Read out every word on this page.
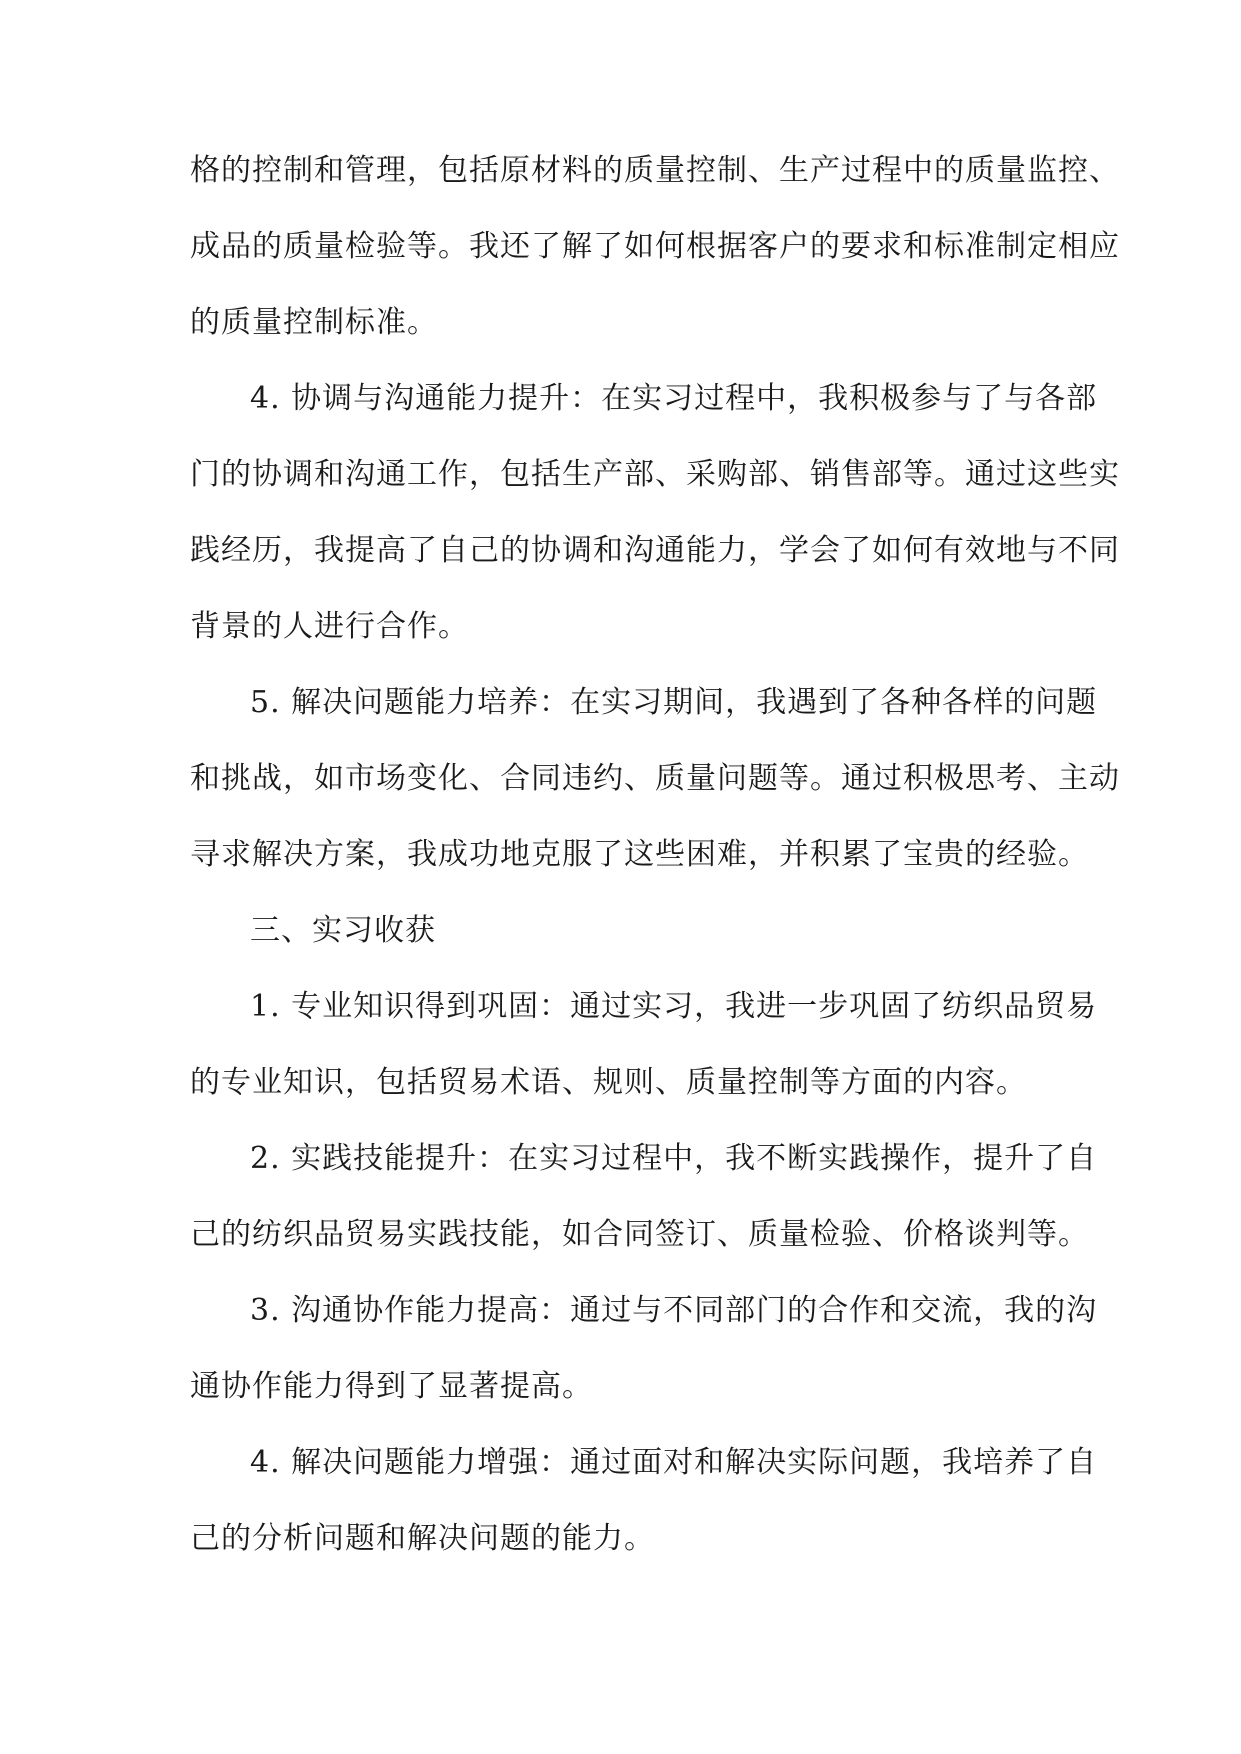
格的控制和管理，包括原材料的质量控制、生产过程中的质量监控、
成品的质量检验等。我还了解了如何根据客户的要求和标准制定相应
的质量控制标准。
4. 协调与沟通能力提升：在实习过程中，我积极参与了与各部
门的协调和沟通工作，包括生产部、采购部、销售部等。通过这些实
践经历，我提高了自己的协调和沟通能力，学会了如何有效地与不同
背景的人进行合作。
5. 解决问题能力培养：在实习期间，我遇到了各种各样的问题
和挑战，如市场变化、合同违约、质量问题等。通过积极思考、主动
寻求解决方案，我成功地克服了这些困难，并积累了宝贵的经验。
三、实习收获
1. 专业知识得到巩固：通过实习，我进一步巩固了纺织品贸易
的专业知识，包括贸易术语、规则、质量控制等方面的内容。
2. 实践技能提升：在实习过程中，我不断实践操作，提升了自
己的纺织品贸易实践技能，如合同签订、质量检验、价格谈判等。
3. 沟通协作能力提高：通过与不同部门的合作和交流，我的沟
通协作能力得到了显著提高。
4. 解决问题能力增强：通过面对和解决实际问题，我培养了自
己的分析问题和解决问题的能力。
